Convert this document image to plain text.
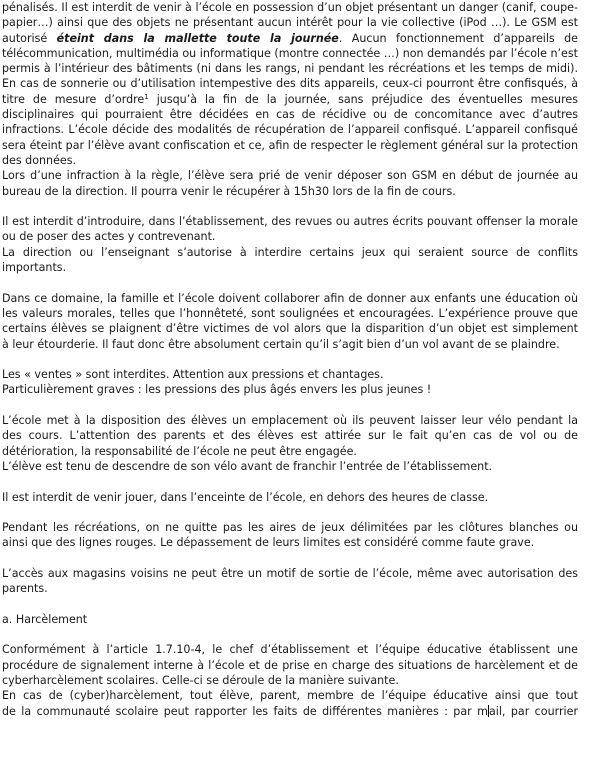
pénalisés. Il est interdit de venir à l’école en possession d’un objet présentant un danger (canif, coupe-
papier…) ainsi que des objets ne présentant aucun intérêt pour la vie collective (iPod …). Le GSM est
autorisé éteint dans la mallette toute la journée. Aucun fonctionnement d’appareils de
télécommunication, multimédia ou informatique (montre connectée …) non demandés par l’école n’est
permis à l’intérieur des bâtiments (ni dans les rangs, ni pendant les récréations et les temps de midi).
En cas de sonnerie ou d’utilisation intempestive des dits appareils, ceux-ci pourront être confisqués, à
titre de mesure d’ordre$^1$ jusqu’à la fin de la journée, sans préjudice des éventuelles mesures
disciplinaires qui pourraient être décidées en cas de récidive ou de concomitance avec d’autres
infractions. L’école décide des modalités de récupération de l’appareil confisqué. L’appareil confisqué
sera éteint par l’élève avant confiscation et ce, afin de respecter le règlement général sur la protection
des données.
Lors d’une infraction à la règle, l’élève sera prié de venir déposer son GSM en début de journée au
bureau de la direction. Il pourra venir le récupérer à 15h30 lors de la fin de cours.
Il est interdit d’introduire, dans l’établissement, des revues ou autres écrits pouvant offenser la morale
ou de poser des actes y contrevenant.
La direction ou l’enseignant s’autorise à interdire certains jeux qui seraient source de conflits
importants.
Dans ce domaine, la famille et l’école doivent collaborer afin de donner aux enfants une éducation où
les valeurs morales, telles que l’honnêteté, sont soulignées et encouragées. L’expérience prouve que
certains élèves se plaignent d’être victimes de vol alors que la disparition d’un objet est simplement
à leur étourderie. Il faut donc être absolument certain qu’il s’agit bien d’un vol avant de se plaindre.
Les « ventes » sont interdites. Attention aux pressions et chantages.
Particulièrement graves : les pressions des plus âgés envers les plus jeunes !
L’école met à la disposition des élèves un emplacement où ils peuvent laisser leur vélo pendant la
des cours. L’attention des parents et des élèves est attirée sur le fait qu’en cas de vol ou de
détérioration, la responsabilité de l’école ne peut être engagée.
L’élève est tenu de descendre de son vélo avant de franchir l’entrée de l’établissement.
Il est interdit de venir jouer, dans l’enceinte de l’école, en dehors des heures de classe.
Pendant les récréations, on ne quitte pas les aires de jeux délimitées par les clôtures blanches ou
ainsi que des lignes rouges. Le dépassement de leurs limites est considéré comme faute grave.
L’accès aux magasins voisins ne peut être un motif de sortie de l’école, même avec autorisation des
parents.
a. Harcèlement
Conformément à l’article 1.7.10-4, le chef d’établissement et l’équipe éducative établissent une
procédure de signalement interne à l’école et de prise en charge des situations de harcèlement et de
cyberharcèlement scolaires. Celle-ci se déroule de la manière suivante.
En cas de (cyber)harcèlement, tout élève, parent, membre de l’équipe éducative ainsi que tout
de la communauté scolaire peut rapporter les faits de différentes manières : par mail, par courrier
